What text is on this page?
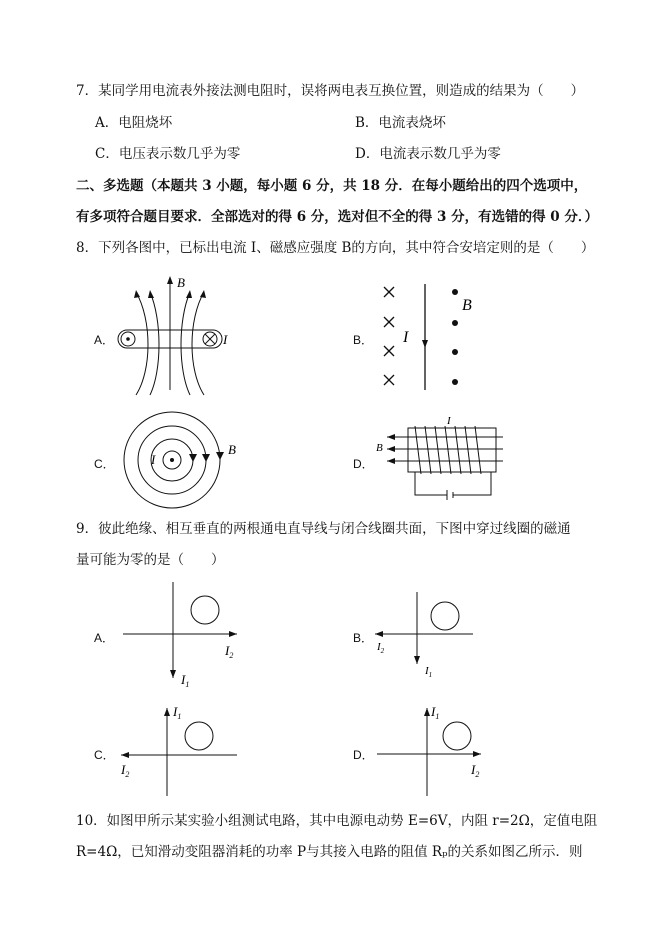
7．某同学用电流表外接法测电阻时，误将两电表互换位置，则造成的结果为（　　）
A．电阻烧坏	B．电流表烧坏
C．电压表示数几乎为零	D．电流表示数几乎为零
二、多选题（本题共 3 小题，每小题 6 分，共 18 分．在每小题给出的四个选项中，
有多项符合题目要求．全部选对的得 6 分，选对但不全的得 3 分，有选错的得 0 分．）
8．下列各图中，已标出电流 I、磁感应强度 B的方向，其中符合安培定则的是（　　）
A．
B
I	B． I
B
C．	I
B
D．
I
B
9．彼此绝缘、相互垂直的两根通电直导线与闭合线圈共面，下图中穿过线圈的磁通
量可能为零的是（　　）
A．
$I_2$
$I_1$
B．
$I_2$
$I_1$
C．
$I_1$
$I_2$
D．
$I_1$
$I_2$
10．如图甲所示某实验小组测试电路，其中电源电动势 E=6V，内阻 r=2Ω，定值电阻
R=4Ω，已知滑动变阻器消耗的功率 P与其接入电路的阻值 Rₚ的关系如图乙所示．则
